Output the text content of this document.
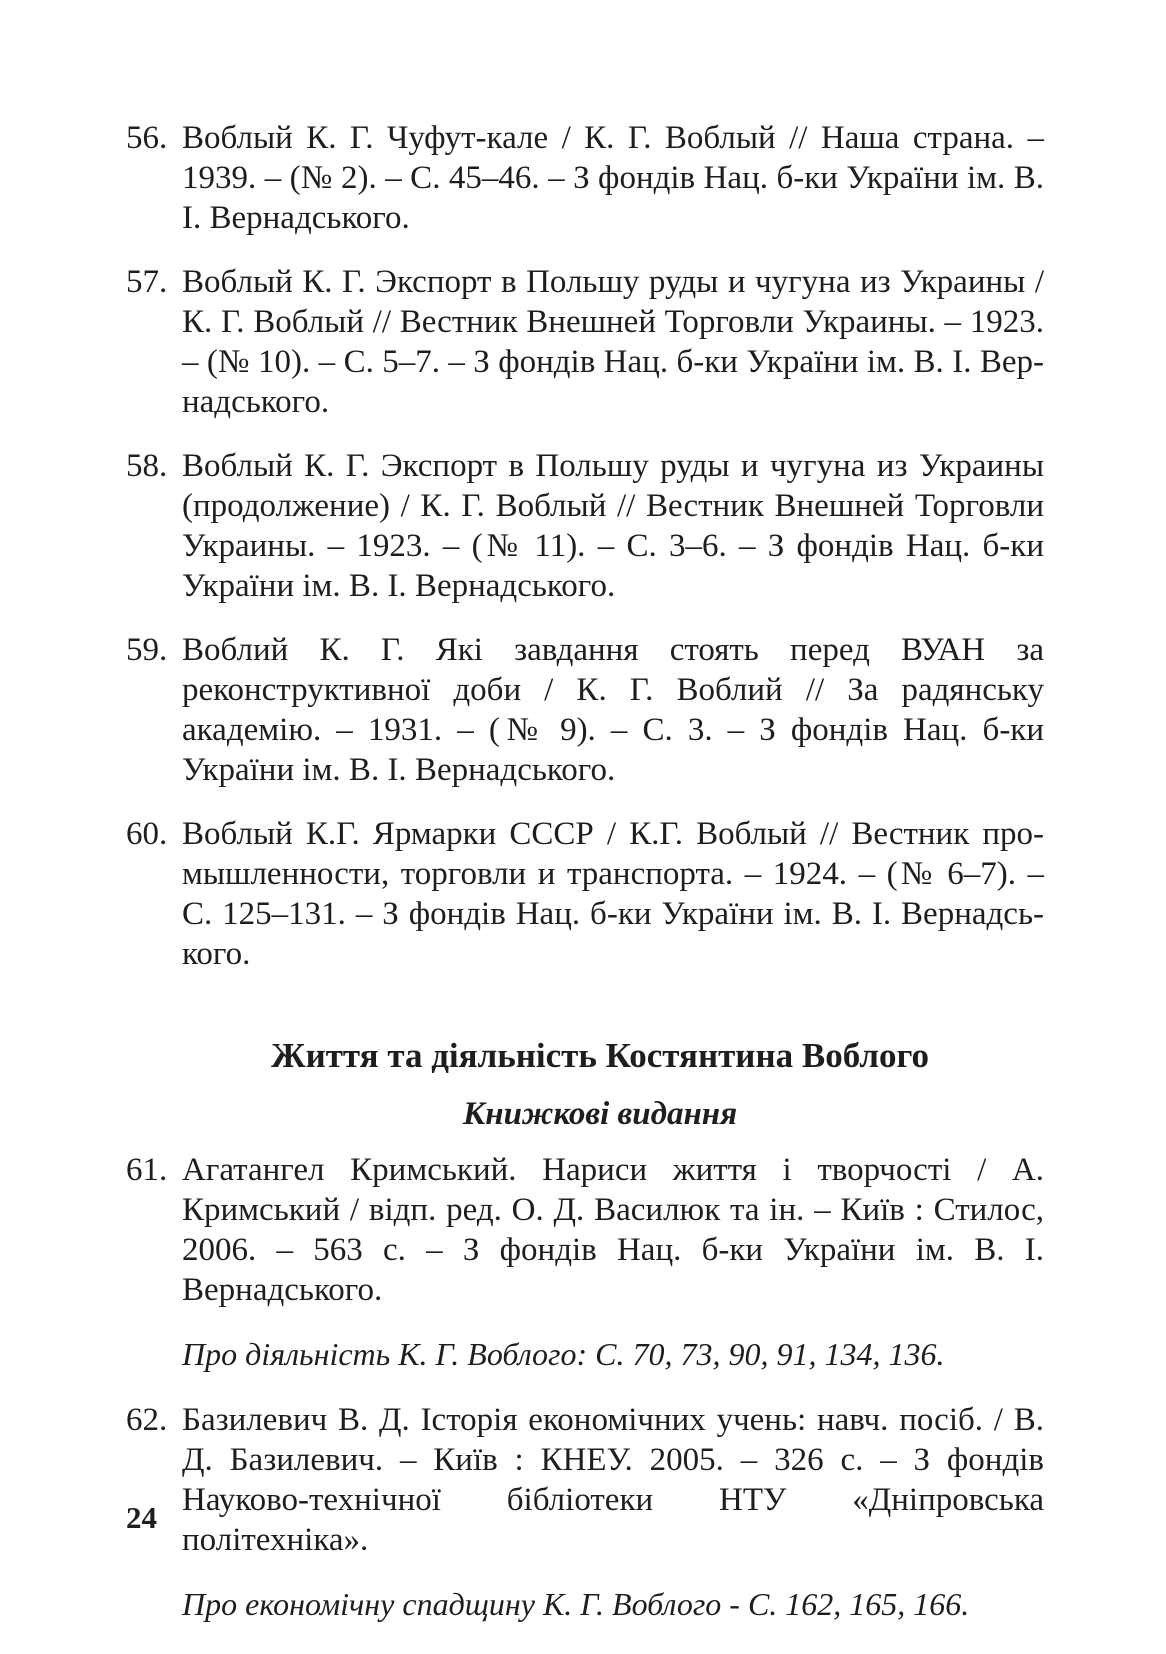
56. Воблый К. Г. Чуфут-кале / К. Г. Воблый // Наша страна. – 1939. – (№ 2). – С. 45–46. – З фондів Нац. б-ки України ім. В. І. Вернадського.
57. Воблый К. Г. Экспорт в Польшу руды и чугуна из Украины / К. Г. Воблый // Вестник Внешней Торговли Украины. – 1923. – (№ 10). – С. 5–7. – З фондів Нац. б-ки України ім. В. І. Вернадського.
58. Воблый К. Г. Экспорт в Польшу руды и чугуна из Украины (продолжение) / К. Г. Воблый // Вестник Внешней Торговли Украины. – 1923. – (№ 11). – С. 3–6. – З фондів Нац. б-ки України ім. В. І. Вернадського.
59. Воблий К. Г. Які завдання стоять перед ВУАН за реконструктивної доби / К. Г. Воблий // За радянську академію. – 1931. – (№ 9). – С. 3. – З фондів Нац. б-ки України ім. В. І. Вернадського.
60. Воблый К.Г. Ярмарки СССР / К.Г. Воблый // Вестник промышленности, торговли и транспорта. – 1924. – (№ 6–7). – С. 125–131. – З фондів Нац. б-ки України ім. В. І. Вернадського.
Життя та діяльність Костянтина Воблого
Книжкові видання
61. Агатангел Кримський. Нариси життя і творчості / А. Кримський / відп. ред. О. Д. Василюк та ін. – Київ : Стилос, 2006. – 563 с. – З фондів Нац. б-ки України ім. В. І. Вернадського.
Про діяльність К. Г. Воблого: С. 70, 73, 90, 91, 134, 136.
62. Базилевич В. Д. Історія економічних учень: навч. посіб. / В. Д. Базилевич. – Київ : КНЕУ. 2005. – 326 с. – З фондів Науково-технічної бібліотеки НТУ «Дніпровська політехніка».
Про економічну спадщину К. Г. Воблого - С. 162, 165, 166.
24
